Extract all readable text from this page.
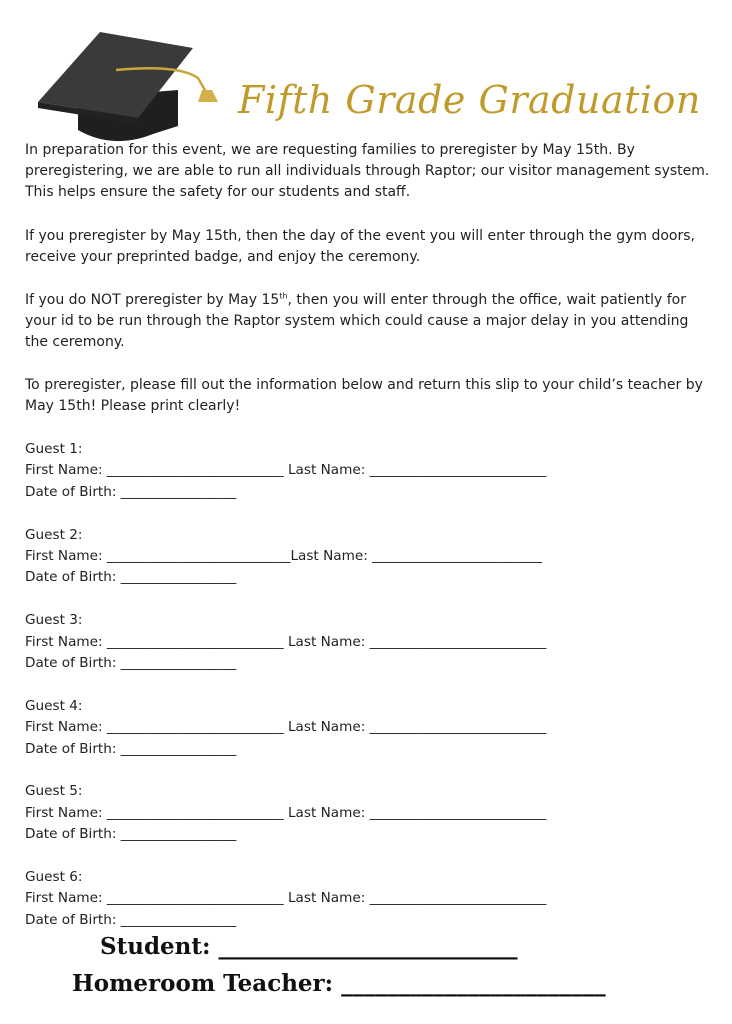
Fifth Grade Graduation
In preparation for this event, we are requesting families to preregister by May 15th. By preregistering, we are able to run all individuals through Raptor; our visitor management system. This helps ensure the safety for our students and staff.
If you preregister by May 15th, then the day of the event you will enter through the gym doors, receive your preprinted badge, and enjoy the ceremony.
If you do NOT preregister by May 15th, then you will enter through the office, wait patiently for your id to be run through the Raptor system which could cause a major delay in you attending the ceremony.
To preregister, please fill out the information below and return this slip to your child’s teacher by May 15th! Please print clearly!
Guest 1:
First Name: __________________________ Last Name: __________________________
Date of Birth: _________________
Guest 2:
First Name: ___________________________Last Name: _________________________
Date of Birth: _________________
Guest 3:
First Name: __________________________ Last Name: __________________________
Date of Birth: _________________
Guest 4:
First Name: __________________________ Last Name: __________________________
Date of Birth: _________________
Guest 5:
First Name: __________________________ Last Name: __________________________
Date of Birth: _________________
Guest 6:
First Name: __________________________ Last Name: __________________________
Date of Birth: _________________
Student: __________________________
Homeroom Teacher: _______________________
